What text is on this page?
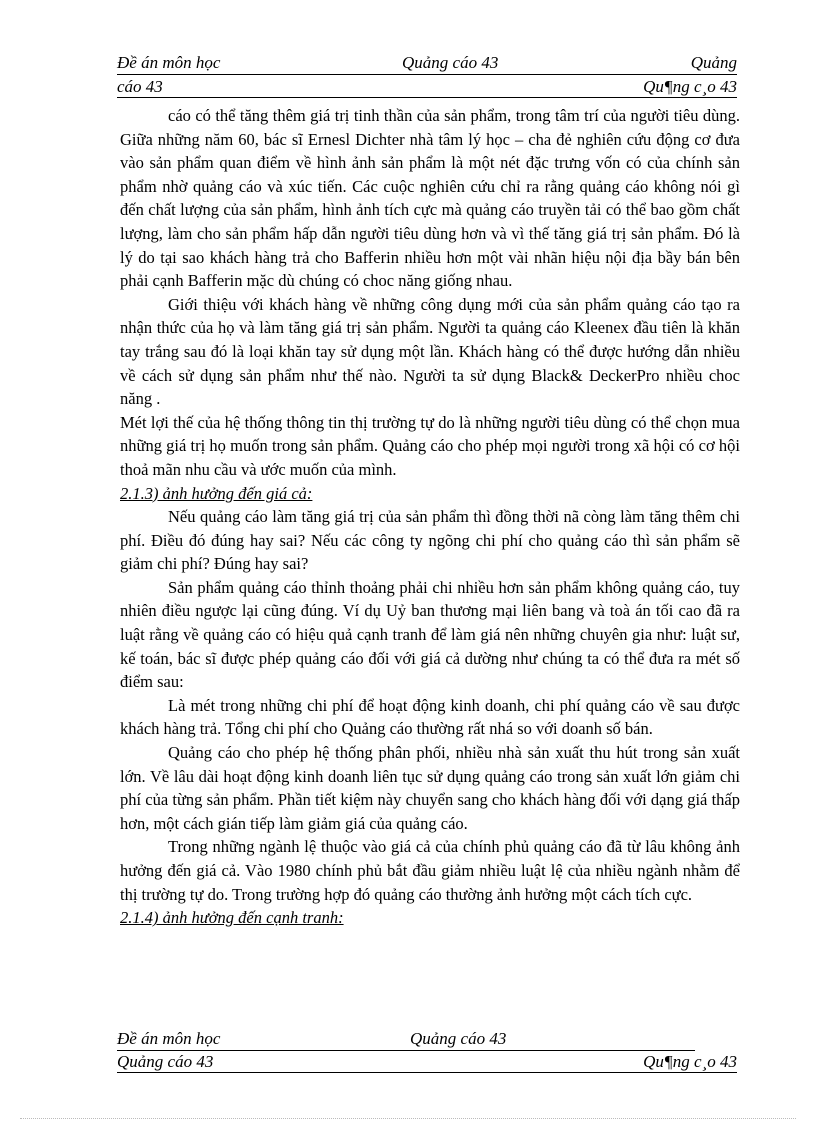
Đề án môn học	Quảng cáo 43	Quảng
cáo 43	Qu¶ng c¸o 43

cáo có thể tăng thêm giá trị tinh thần của sản phẩm, trong tâm trí của người tiêu dùng. Giữa những năm 60, bác sĩ Ernesl Dichter nhà tâm lý học – cha đẻ nghiên cứu động cơ đưa vào sản phẩm quan điểm về hình ảnh sản phẩm là một nét đặc trưng vốn có của chính sản phẩm nhờ quảng cáo và xúc tiến. Các cuộc nghiên cứu chỉ ra rằng quảng cáo không nói gì đến chất lượng của sản phẩm, hình ảnh tích cực mà quảng cáo truyền tải có thể bao gồm chất lượng, làm cho sản phẩm hấp dẫn người tiêu dùng hơn và vì thế tăng giá trị sản phẩm. Đó là lý do tại sao khách hàng trả cho Bafferin nhiều hơn một vài nhãn hiệu nội địa bầy bán bên phải cạnh Bafferin mặc dù chúng có choc năng giống nhau.

Giới thiệu với khách hàng về những công dụng mới của sản phẩm quảng cáo tạo ra nhận thức của họ và làm tăng giá trị sản phẩm. Người ta quảng cáo Kleenex đầu tiên là khăn tay trắng sau đó là loại khăn tay sử dụng một lần. Khách hàng có thể được hướng dẫn nhiều về cách sử dụng sản phẩm như thế nào. Người ta sử dụng Black& DeckerPro nhiều choc năng .

Mét lợi thế của hệ thống thông tin thị trường tự do là những người tiêu dùng có thể chọn mua những giá trị họ muốn trong sản phẩm. Quảng cáo cho phép mọi người trong xã hội có cơ hội thoả mãn nhu cầu và ước muốn của mình.

2.1.3) ảnh hưởng đến giá cả:

Nếu quảng cáo làm tăng giá trị của sản phẩm thì đồng thời nã còng làm tăng thêm chi phí. Điều đó đúng hay sai? Nếu các công ty ngõng chi phí cho quảng cáo thì sản phẩm sẽ giảm chi phí? Đúng hay sai?

Sản phẩm quảng cáo thỉnh thoảng phải chi nhiều hơn sản phẩm không quảng cáo, tuy nhiên điều ngược lại cũng đúng. Ví dụ Uỷ ban thương mại liên bang và toà án tối cao đã ra luật rằng về quảng cáo có hiệu quả cạnh tranh để làm giá nên những chuyên gia như: luật sư, kế toán, bác sĩ được phép quảng cáo đối với giá cả dường như chúng ta có thể đưa ra mét số điểm sau:

Là mét trong những chi phí để hoạt động kinh doanh, chi phí quảng cáo về sau được khách hàng trả. Tổng chi phí cho Quảng cáo thường rất nhá so với doanh số bán.

Quảng cáo cho phép hệ thống phân phối, nhiều nhà sản xuất thu hút trong sản xuất lớn. Về lâu dài hoạt động kinh doanh liên tục sử dụng quảng cáo trong sản xuất lớn giảm chi phí của từng sản phẩm. Phần tiết kiệm này chuyển sang cho khách hàng đối với dạng giá thấp hơn, một cách gián tiếp làm giảm giá của quảng cáo.

Trong những ngành lệ thuộc vào giá cả của chính phủ quảng cáo đã từ lâu không ảnh hưởng đến giá cả. Vào 1980 chính phủ bắt đầu giảm nhiều luật lệ của nhiều ngành nhằm để thị trường tự do. Trong trường hợp đó quảng cáo thường ảnh hưởng một cách tích cực.

2.1.4) ảnh hưởng đến cạnh tranh:

Đề án môn học	Quảng cáo 43
Quảng cáo 43	Qu¶ng c¸o 43
